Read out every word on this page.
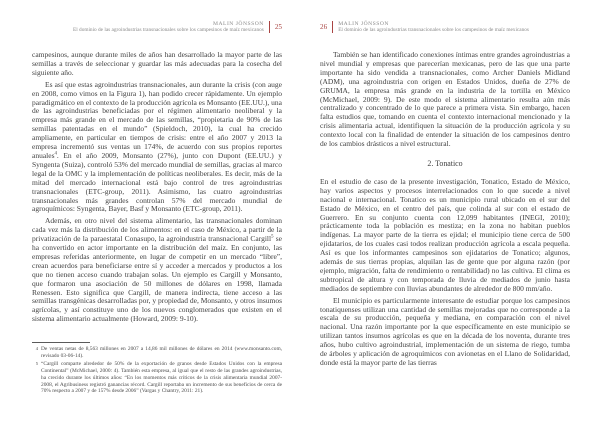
MALIN JÖNSSON
El dominio de las agroindustrias transnacionales sobre los campesinos de maíz mexicanos 25

campesinos, aunque durante miles de años han desarrollado la mayor parte de las semillas a través de seleccionar y guardar las más adecuadas para la cosecha del siguiente año.

Es así que estas agroindustrias transnacionales, aun durante la crisis (con auge en 2008, como vimos en la Figura 1), han podido crecer rápidamente. Un ejemplo paradigmático en el contexto de la producción agrícola es Monsanto (EE.UU.), una de las agroindustrias beneficiadas por el régimen alimentario neoliberal y la empresa más grande en el mercado de las semillas, “propietaria de 90% de las semillas patentadas en el mundo” (Spieldoch, 2010), la cual ha crecido ampliamente, en particular en tiempos de crisis: entre el año 2007 y 2013 la empresa incrementó sus ventas un 174%, de acuerdo con sus propios reportes anuales$^4$. En el año 2009, Monsanto (27%), junto con Dupont (EE.UU.) y Syngenta (Suiza), controló 53% del mercado mundial de semillas, gracias al marco legal de la OMC y la implementación de políticas neoliberales. Es decir, más de la mitad del mercado internacional está bajo control de tres agroindustrias transnacionales (ETC-group, 2011). Asimismo, las cuatro agroindustrias transnacionales más grandes controlan 57% del mercado mundial de agroquímicos: Syngenta, Bayer, Basf y Monsanto (ETC-group, 2011).

Además, en otro nivel del sistema alimentario, las transnacionales dominan cada vez más la distribución de los alimentos: en el caso de México, a partir de la privatización de la paraestatal Conasupo, la agroindustria transnacional Cargill$^5$ se ha convertido en actor importante en la distribución del maíz. En conjunto, las empresas referidas anteriormente, en lugar de competir en un mercado “libre”, crean acuerdos para beneficiarse entre sí y acceder a mercados y productos a los que no tienen acceso cuando trabajan solas. Un ejemplo es Cargill y Monsanto, que formaron una asociación de 50 millones de dólares en 1998, llamada Renessen. Esto significa que Cargill, de manera indirecta, tiene acceso a las semillas transgénicas desarrolladas por, y propiedad de, Monsanto, y otros insumos agrícolas, y así constituye uno de los nuevos conglomerados que existen en el sistema alimentario actualmente (Howard, 2009: 9-10).

4 De ventas netas de 8,563 millones en 2007 a 14,86 mil millones de dólares en 2014 (www.monsanto.com, revisado 03-06-14).
5 “Cargill comparte alrededor de 50% de la exportación de granos desde Estados Unidos con la empresa Continental” (McMichael, 2000: 4). También esta empresa, al igual que el resto de las grandes agroindustrias, ha crecido durante los últimos años: “En los momentos más críticos de la crisis alimentaria mundial 2007-2008, el Agribusiness registró ganancias récord. Cargill reportaba un incremento de sus beneficios de cerca de 70% respecto a 2007 y de 157% desde 2006” (Vargas y Chantry, 2011: 21).
26 MALIN JÖNSSON
El dominio de las agroindustrias transnacionales sobre los campesinos de maíz mexicanos

También se han identificado conexiones íntimas entre grandes agroindustrias a nivel mundial y empresas que parecerían mexicanas, pero de las que una parte importante ha sido vendida a transnacionales, como Archer Daniels Midland (ADM), una agroindustria con origen en Estados Unidos, dueña de 27% de GRUMA, la empresa más grande en la industria de la tortilla en México (McMichael, 2009: 9). De este modo el sistema alimentario resulta aún más centralizado y concentrado de lo que parece a primera vista. Sin embargo, hacen falta estudios que, tomando en cuenta el contexto internacional mencionado y la crisis alimentaria actual, identifiquen la situación de la producción agrícola y su contexto local con la finalidad de entender la situación de los campesinos dentro de los cambios drásticos a nivel estructural.

2. Tonatico

En el estudio de caso de la presente investigación, Tonatico, Estado de México, hay varios aspectos y procesos interrelacionados con lo que sucede a nivel nacional e internacional. Tonatico es un municipio rural ubicado en el sur del Estado de México, en el centro del país, que colinda al sur con el estado de Guerrero. En su conjunto cuenta con 12,099 habitantes (INEGI, 2010); prácticamente toda la población es mestiza; en la zona no habitan pueblos indígenas. La mayor parte de la tierra es ejidal; el municipio tiene cerca de 500 ejidatarios, de los cuales casi todos realizan producción agrícola a escala pequeña. Así es que los informantes campesinos son ejidatarios de Tonatico; algunos, además de sus tierras propias, alquilan las de gente que por alguna razón (por ejemplo, migración, falta de rendimiento o rentabilidad) no las cultiva. El clima es subtropical de altura y con temporada de lluvia de mediados de junio hasta mediados de septiembre con lluvias abundantes de alrededor de 800 mm/año.

El municipio es particularmente interesante de estudiar porque los campesinos tonatiquenses utilizan una cantidad de semillas mejoradas que no corresponde a la escala de su producción, pequeña y mediana, en comparación con el nivel nacional. Una razón importante por la que específicamente en este municipio se utilizan tantos insumos agrícolas es que en la década de los noventa, durante tres años, hubo cultivo agroindustrial, implementación de un sistema de riego, tumba de árboles y aplicación de agroquímicos con avionetas en el Llano de Solidaridad, donde está la mayor parte de las tierras
